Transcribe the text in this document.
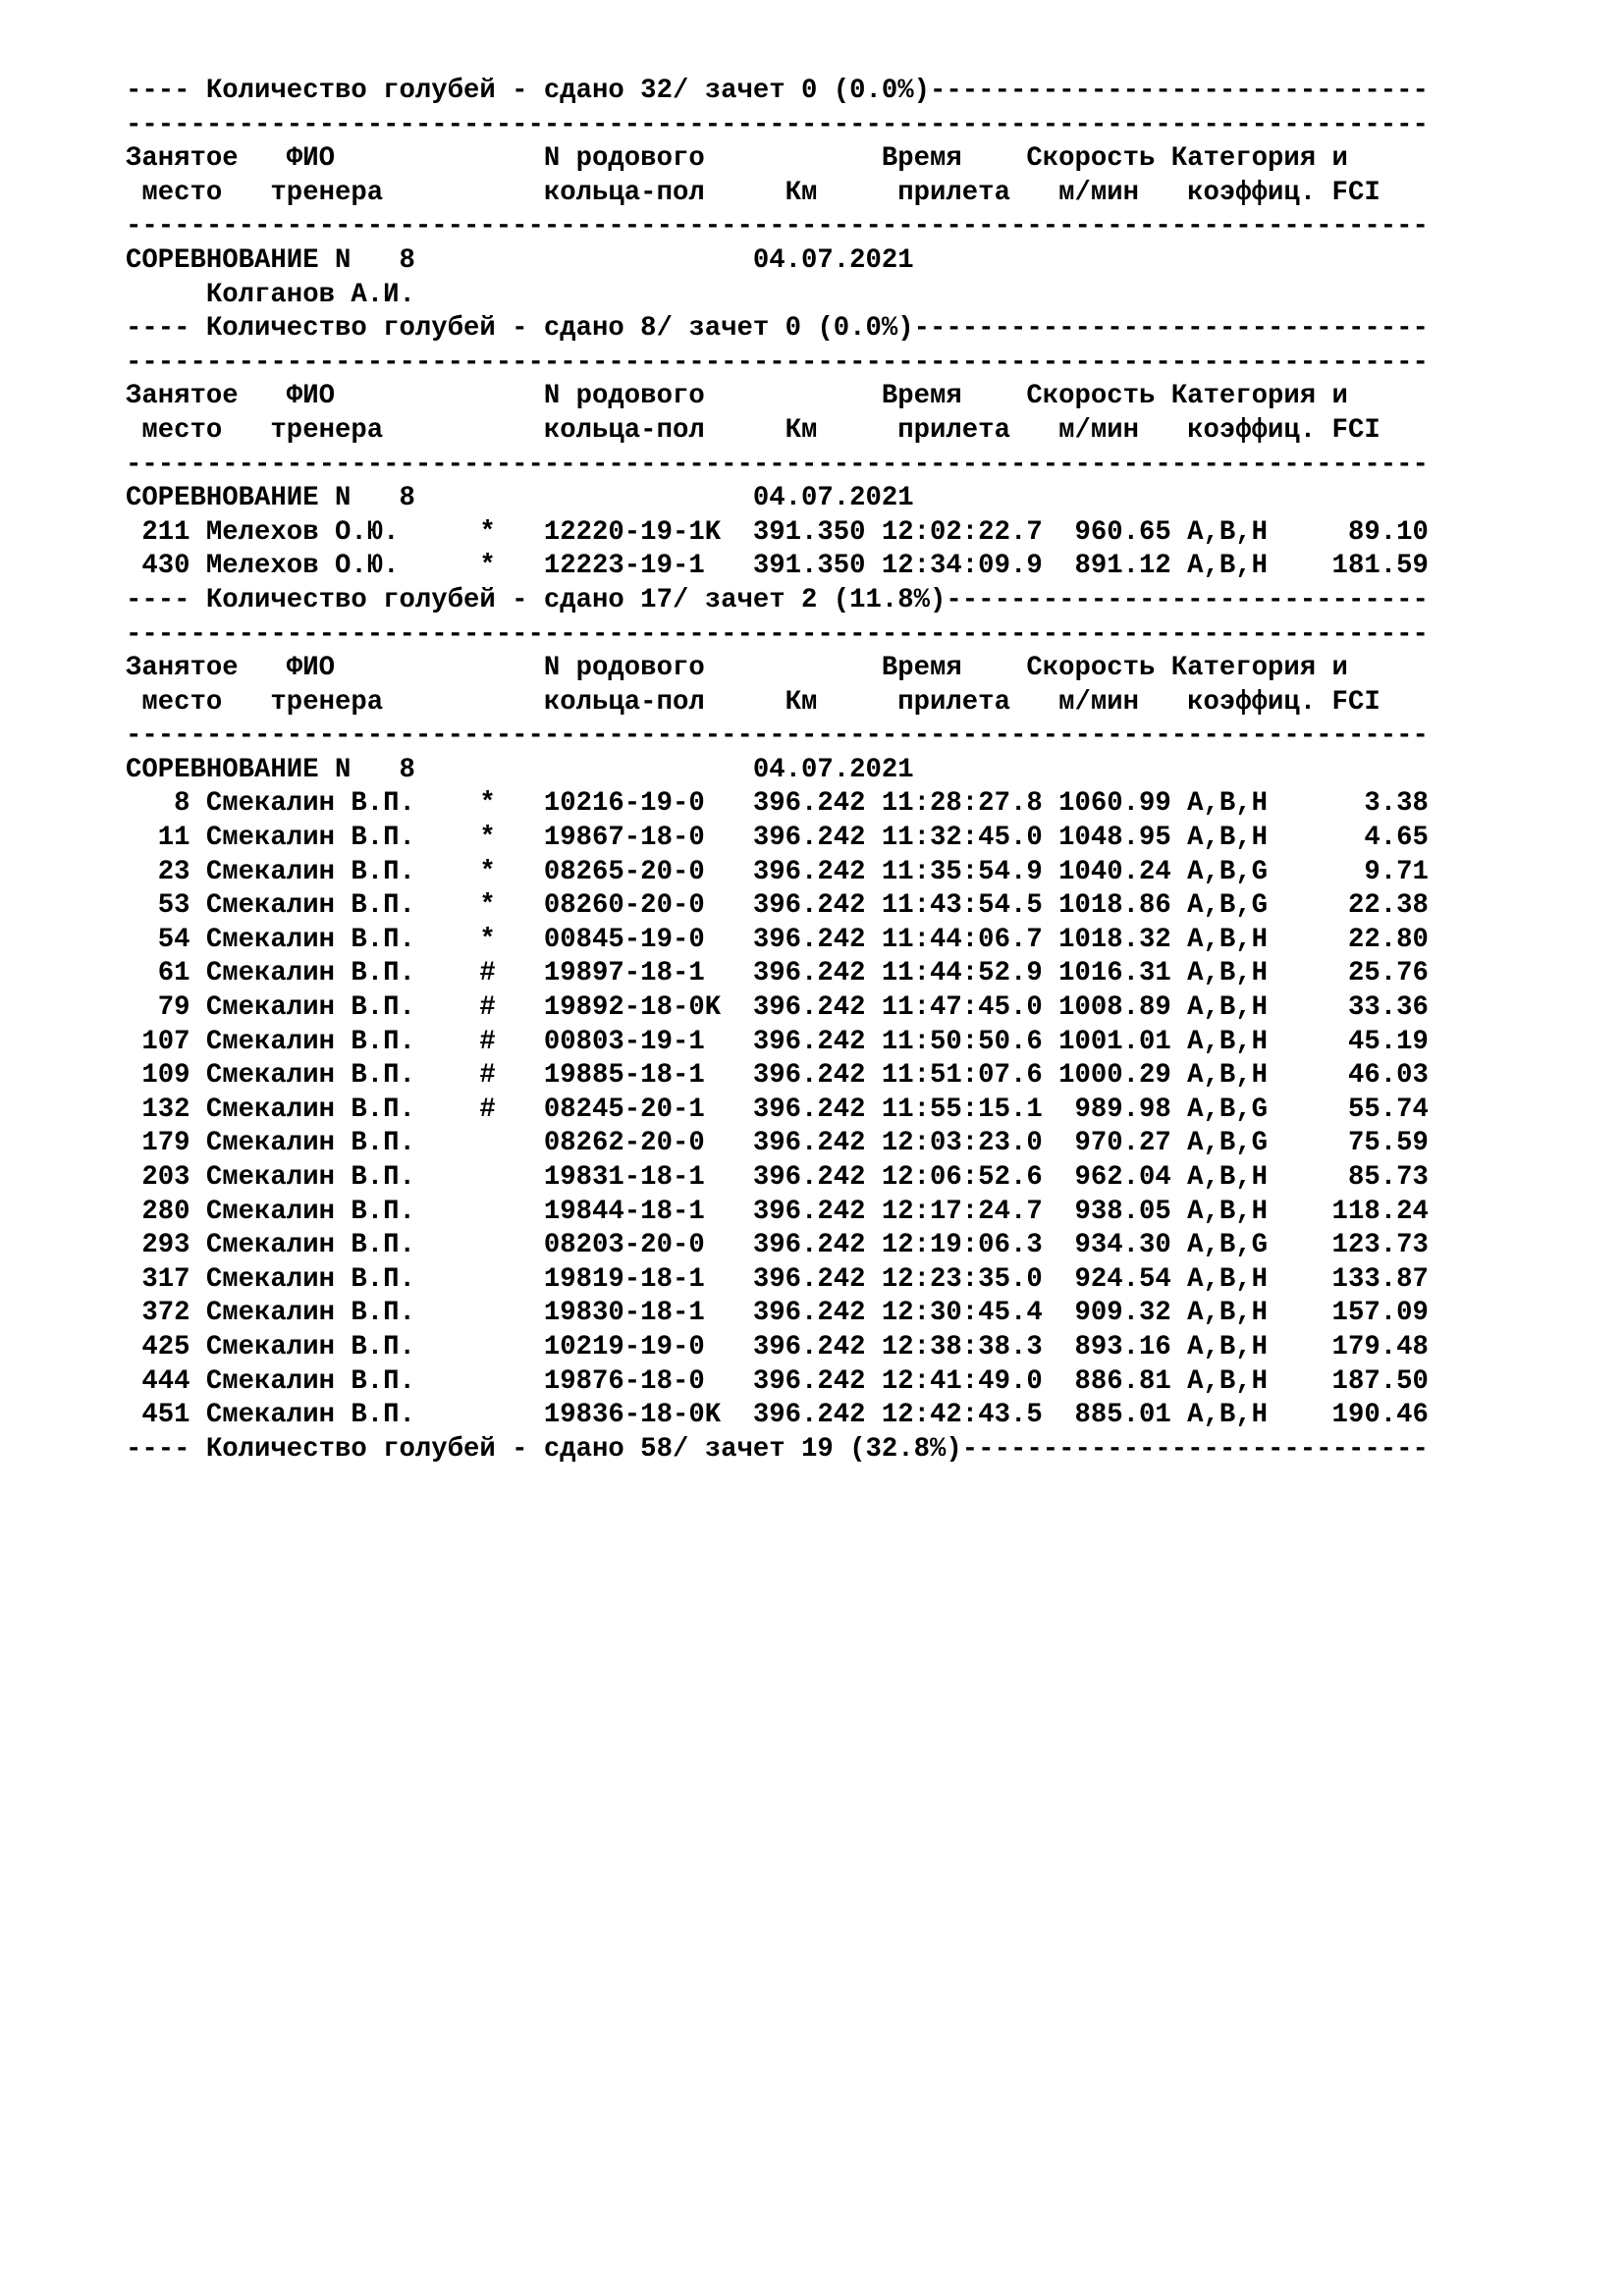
---- Количество голубей - сдано 32/ зачет 0 (0.0%)-------------------------------
---------------------------------------------------------------------------------
Занятое   ФИО             N родового           Время    Скорость Категория и
место   тренера          кольца-пол     Км     прилета   м/мин   коэффиц. FCI
---------------------------------------------------------------------------------
СОРЕВНОВАНИЕ N   8                     04.07.2021
Колганов А.И.
---- Количество голубей - сдано 8/ зачет 0 (0.0%)--------------------------------
---------------------------------------------------------------------------------
Занятое   ФИО             N родового           Время    Скорость Категория и
место   тренера          кольца-пол     Км     прилета   м/мин   коэффиц. FCI
---------------------------------------------------------------------------------
СОРЕВНОВАНИЕ N   8                     04.07.2021
211 Мелехов О.Ю.     *   12220-19-1K  391.350 12:02:22.7  960.65 A,B,H     89.10
430 Мелехов О.Ю.     *   12223-19-1   391.350 12:34:09.9  891.12 A,B,H    181.59
---- Количество голубей - сдано 17/ зачет 2 (11.8%)------------------------------
---------------------------------------------------------------------------------
Занятое   ФИО             N родового           Время    Скорость Категория и
место   тренера          кольца-пол     Км     прилета   м/мин   коэффиц. FCI
---------------------------------------------------------------------------------
СОРЕВНОВАНИЕ N   8                     04.07.2021
8 Смекалин В.П.    *   10216-19-0   396.242 11:28:27.8 1060.99 A,B,H      3.38
11 Смекалин В.П.    *   19867-18-0   396.242 11:32:45.0 1048.95 A,B,H      4.65
23 Смекалин В.П.    *   08265-20-0   396.242 11:35:54.9 1040.24 A,B,G      9.71
53 Смекалин В.П.    *   08260-20-0   396.242 11:43:54.5 1018.86 A,B,G     22.38
54 Смекалин В.П.    *   00845-19-0   396.242 11:44:06.7 1018.32 A,B,H     22.80
61 Смекалин В.П.    #   19897-18-1   396.242 11:44:52.9 1016.31 A,B,H     25.76
79 Смекалин В.П.    #   19892-18-0K  396.242 11:47:45.0 1008.89 A,B,H     33.36
107 Смекалин В.П.    #   00803-19-1   396.242 11:50:50.6 1001.01 A,B,H     45.19
109 Смекалин В.П.    #   19885-18-1   396.242 11:51:07.6 1000.29 A,B,H     46.03
132 Смекалин В.П.    #   08245-20-1   396.242 11:55:15.1  989.98 A,B,G     55.74
179 Смекалин В.П.        08262-20-0   396.242 12:03:23.0  970.27 A,B,G     75.59
203 Смекалин В.П.        19831-18-1   396.242 12:06:52.6  962.04 A,B,H     85.73
280 Смекалин В.П.        19844-18-1   396.242 12:17:24.7  938.05 A,B,H    118.24
293 Смекалин В.П.        08203-20-0   396.242 12:19:06.3  934.30 A,B,G    123.73
317 Смекалин В.П.        19819-18-1   396.242 12:23:35.0  924.54 A,B,H    133.87
372 Смекалин В.П.        19830-18-1   396.242 12:30:45.4  909.32 A,B,H    157.09
425 Смекалин В.П.        10219-19-0   396.242 12:38:38.3  893.16 A,B,H    179.48
444 Смекалин В.П.        19876-18-0   396.242 12:41:49.0  886.81 A,B,H    187.50
451 Смекалин В.П.        19836-18-0K  396.242 12:42:43.5  885.01 A,B,H    190.46
---- Количество голубей - сдано 58/ зачет 19 (32.8%)-----------------------------
